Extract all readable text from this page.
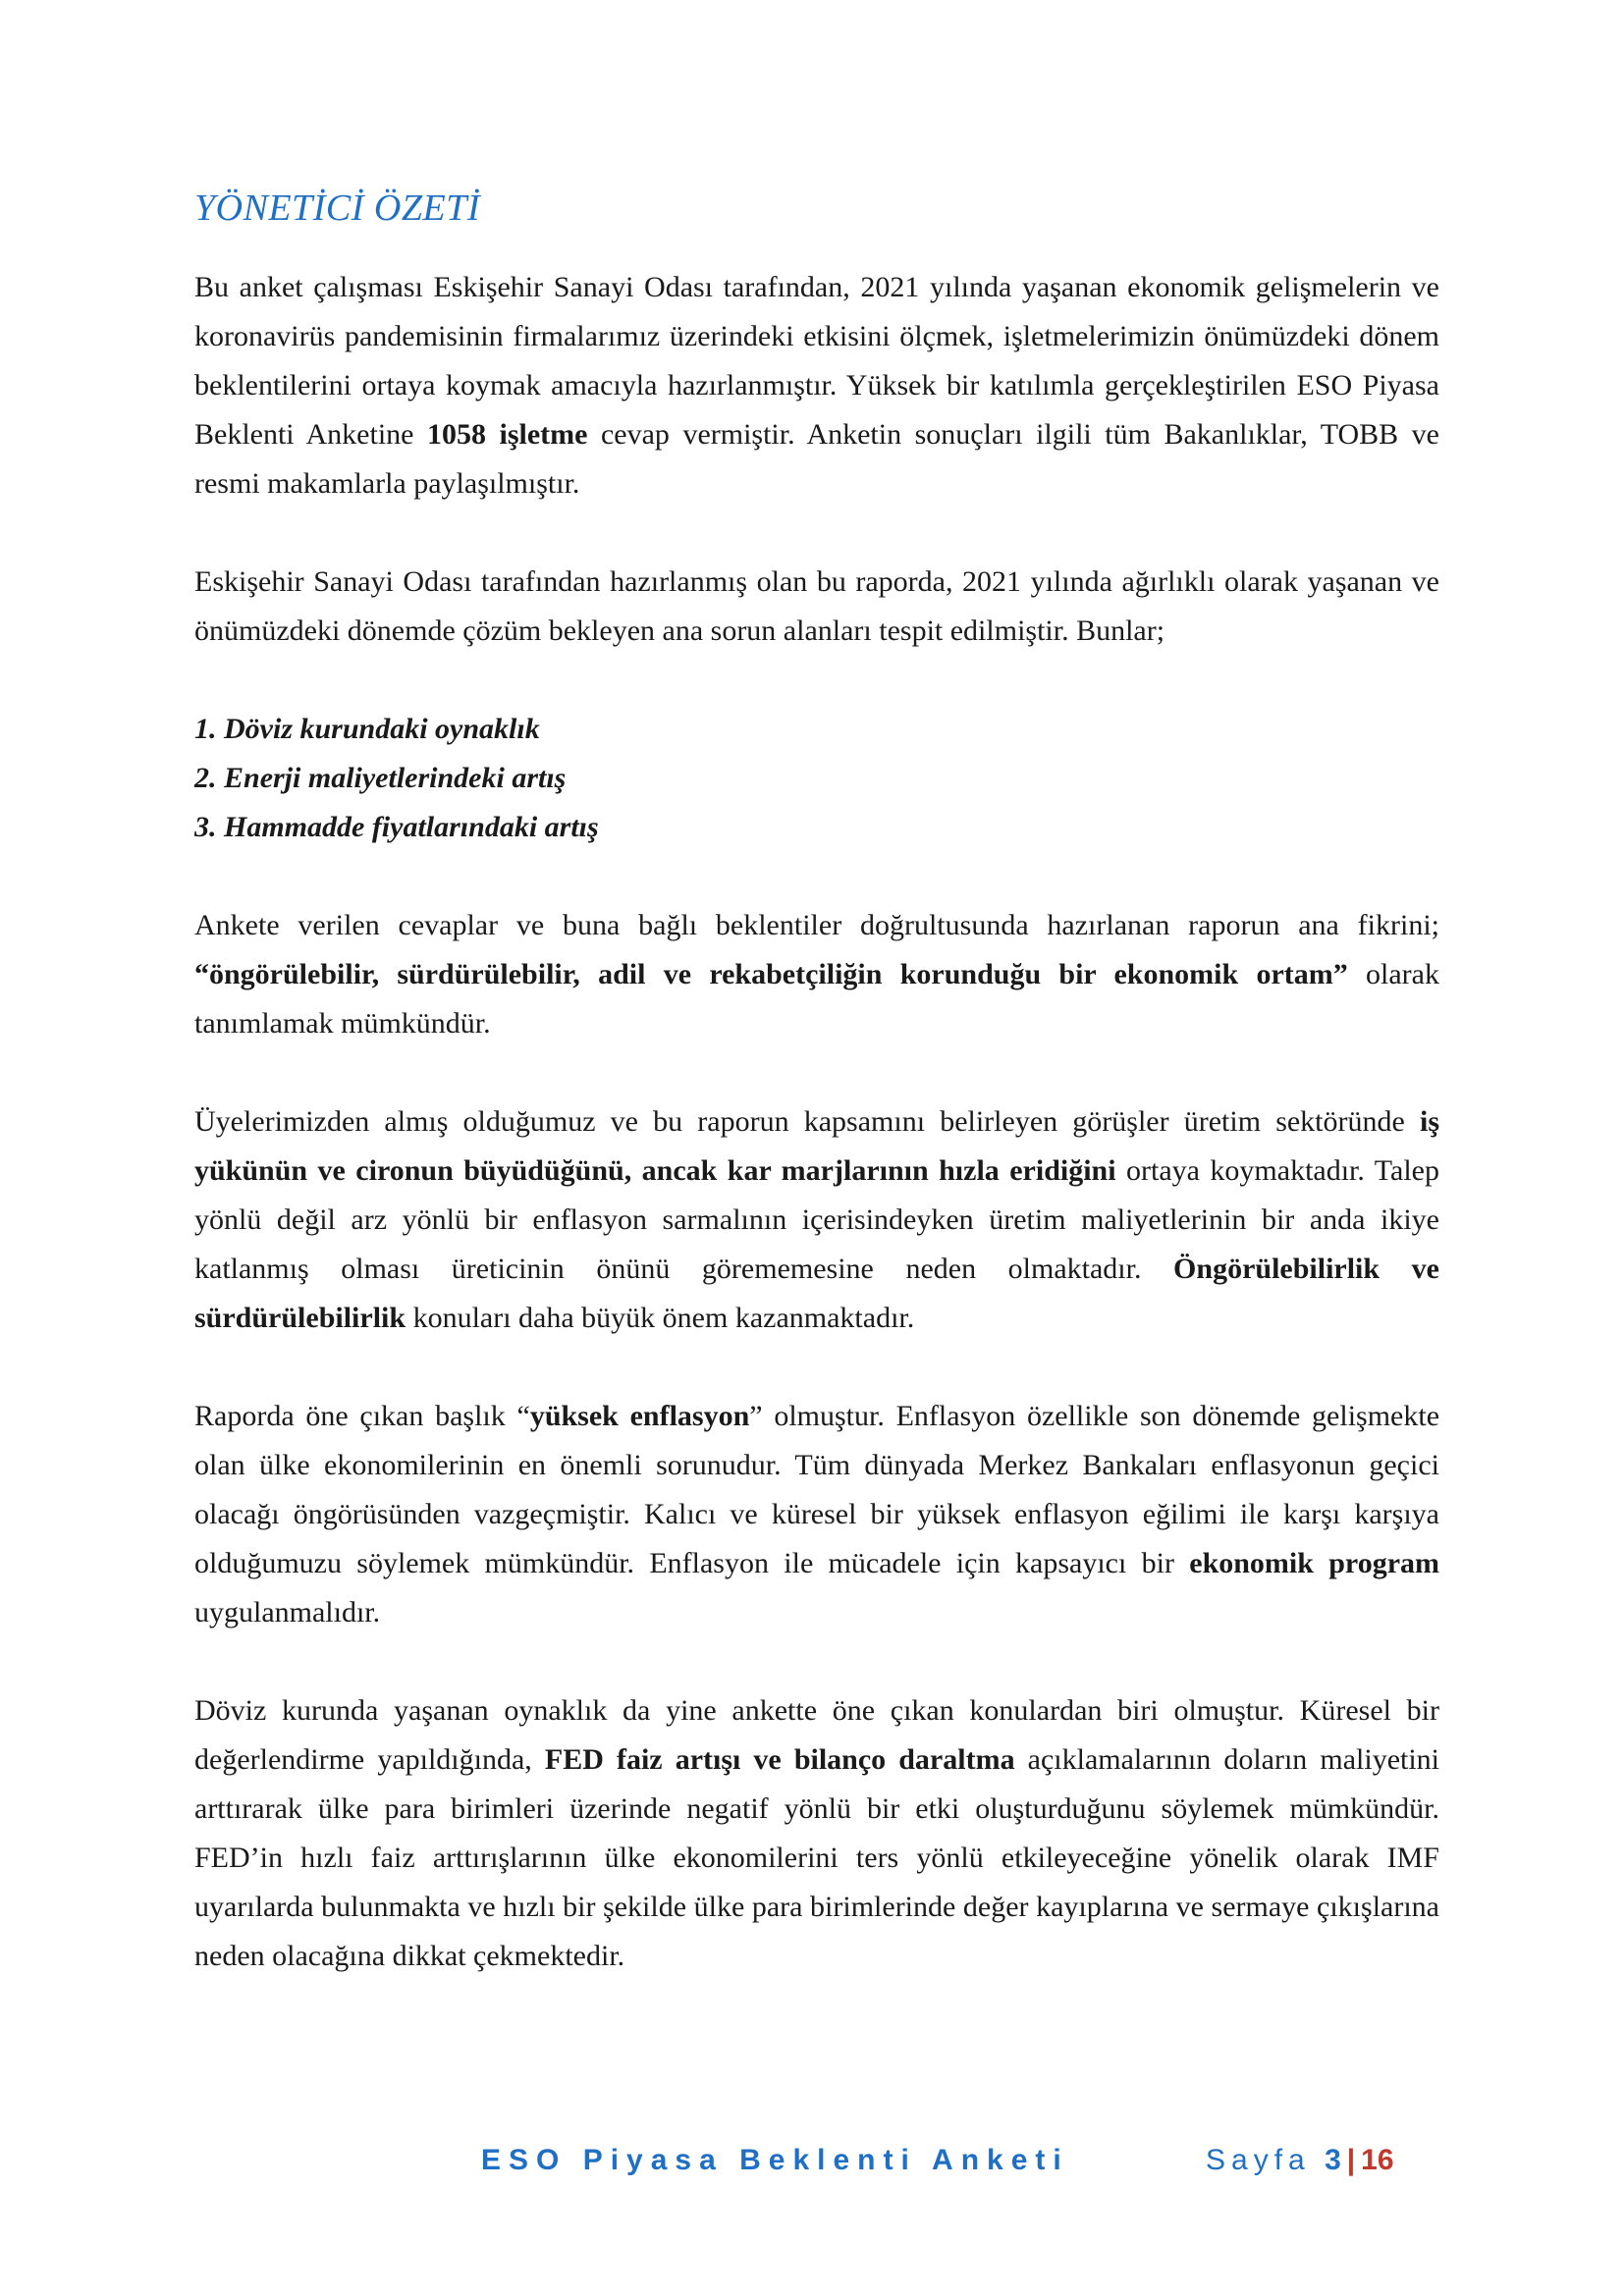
YÖNETİCİ ÖZETİ

Bu anket çalışması Eskişehir Sanayi Odası tarafından, 2021 yılında yaşanan ekonomik gelişmelerin ve koronavirüs pandemisinin firmalarımız üzerindeki etkisini ölçmek, işletmelerimizin önümüzdeki dönem beklentilerini ortaya koymak amacıyla hazırlanmıştır. Yüksek bir katılımla gerçekleştirilen ESO Piyasa Beklenti Anketine 1058 işletme cevap vermiştir. Anketin sonuçları ilgili tüm Bakanlıklar, TOBB ve resmi makamlarla paylaşılmıştır.

Eskişehir Sanayi Odası tarafından hazırlanmış olan bu raporda, 2021 yılında ağırlıklı olarak yaşanan ve önümüzdeki dönemde çözüm bekleyen ana sorun alanları tespit edilmiştir. Bunlar;

1. Döviz kurundaki oynaklık
2. Enerji maliyetlerindeki artış
3. Hammadde fiyatlarındaki artış

Ankete verilen cevaplar ve buna bağlı beklentiler doğrultusunda hazırlanan raporun ana fikrini; “öngörülebilir, sürdürülebilir, adil ve rekabetçiliğin korunduğu bir ekonomik ortam” olarak tanımlamak mümkündür.

Üyelerimizden almış olduğumuz ve bu raporun kapsamını belirleyen görüşler üretim sektöründe iş yükünün ve cironun büyüdüğünü, ancak kar marjlarının hızla eridiğini ortaya koymaktadır. Talep yönlü değil arz yönlü bir enflasyon sarmalının içerisindeyken üretim maliyetlerinin bir anda ikiye katlanmış olması üreticinin önünü görememesine neden olmaktadır. Öngörülebilirlik ve sürdürülebilirlik konuları daha büyük önem kazanmaktadır.

Raporda öne çıkan başlık “yüksek enflasyon” olmuştur. Enflasyon özellikle son dönemde gelişmekte olan ülke ekonomilerinin en önemli sorunudur. Tüm dünyada Merkez Bankaları enflasyonun geçici olacağı öngörüsünden vazgeçmiştir. Kalıcı ve küresel bir yüksek enflasyon eğilimi ile karşı karşıya olduğumuzu söylemek mümkündür. Enflasyon ile mücadele için kapsayıcı bir ekonomik program uygulanmalıdır.

Döviz kurunda yaşanan oynaklık da yine ankette öne çıkan konulardan biri olmuştur. Küresel bir değerlendirme yapıldığında, FED faiz artışı ve bilanço daraltma açıklamalarının doların maliyetini arttırarak ülke para birimleri üzerinde negatif yönlü bir etki oluşturduğunu söylemek mümkündür. FED’in hızlı faiz arttırışlarının ülke ekonomilerini ters yönlü etkileyeceğine yönelik olarak IMF uyarılarda bulunmakta ve hızlı bir şekilde ülke para birimlerinde değer kayıplarına ve sermaye çıkışlarına neden olacağına dikkat çekmektedir.

ESO Piyasa Beklenti Anketi	Sayfa 3 | 16
